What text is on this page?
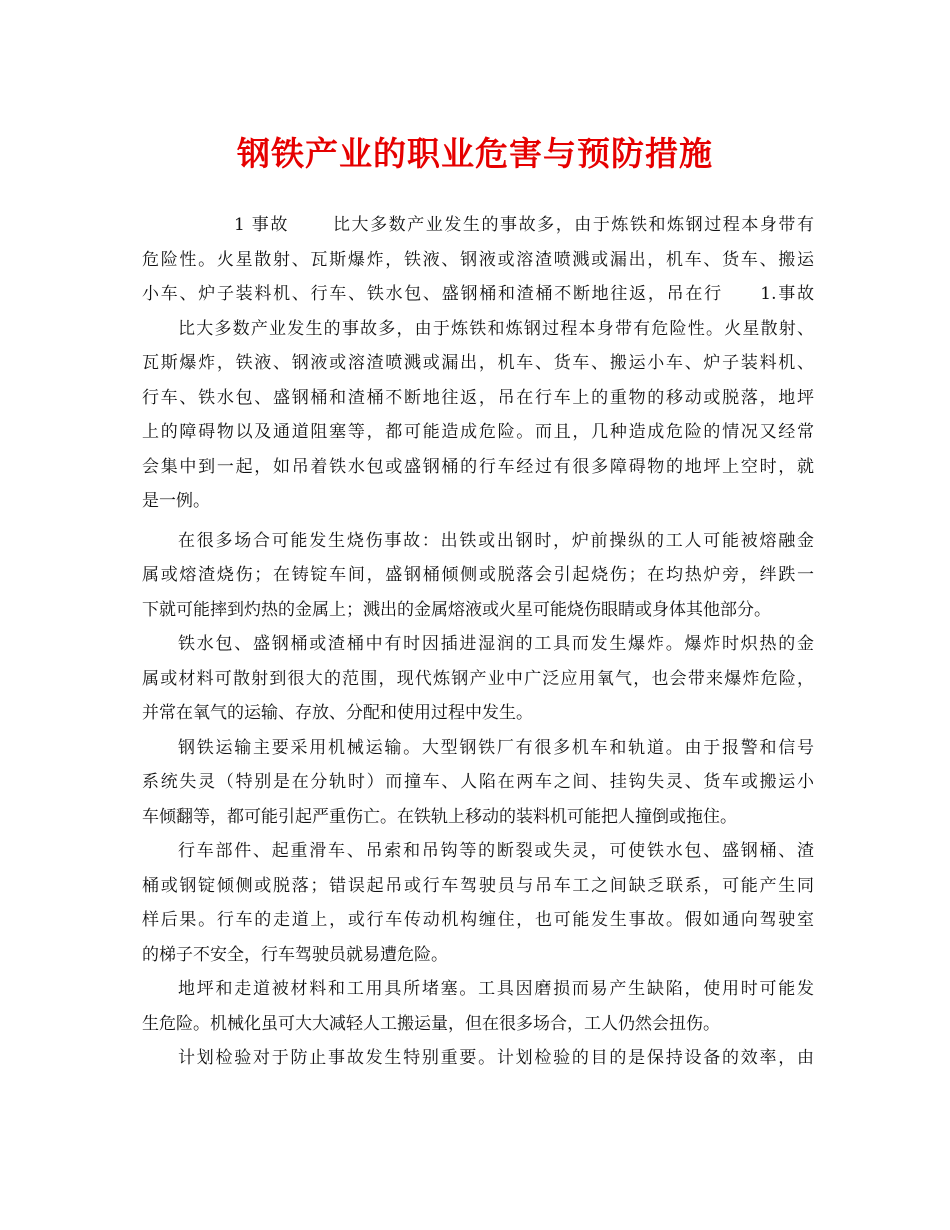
钢铁产业的职业危害与预防措施
1 事故　　 比大多数产业发生的事故多，由于炼铁和炼钢过程本身带有
危险性。火星散射、瓦斯爆炸，铁液、钢液或溶渣喷溅或漏出，机车、货车、搬运
小车、炉子装料机、行车、铁水包、盛钢桶和渣桶不断地往返，吊在行　　1.事故
比大多数产业发生的事故多，由于炼铁和炼钢过程本身带有危险性。火星散射、
瓦斯爆炸，铁液、钢液或溶渣喷溅或漏出，机车、货车、搬运小车、炉子装料机、
行车、铁水包、盛钢桶和渣桶不断地往返，吊在行车上的重物的移动或脱落，地坪
上的障碍物以及通道阻塞等，都可能造成危险。而且，几种造成危险的情况又经常
会集中到一起，如吊着铁水包或盛钢桶的行车经过有很多障碍物的地坪上空时，就
是一例。
在很多场合可能发生烧伤事故：出铁或出钢时，炉前操纵的工人可能被熔融金
属或熔渣烧伤；在铸锭车间，盛钢桶倾侧或脱落会引起烧伤；在均热炉旁，绊跌一
下就可能摔到灼热的金属上；溅出的金属熔液或火星可能烧伤眼睛或身体其他部分。
铁水包、盛钢桶或渣桶中有时因插进湿润的工具而发生爆炸。爆炸时炽热的金
属或材料可散射到很大的范围，现代炼钢产业中广泛应用氧气，也会带来爆炸危险，
并常在氧气的运输、存放、分配和使用过程中发生。
钢铁运输主要采用机械运输。大型钢铁厂有很多机车和轨道。由于报警和信号
系统失灵（特别是在分轨时）而撞车、人陷在两车之间、挂钩失灵、货车或搬运小
车倾翻等，都可能引起严重伤亡。在铁轨上移动的装料机可能把人撞倒或拖住。
行车部件、起重滑车、吊索和吊钩等的断裂或失灵，可使铁水包、盛钢桶、渣
桶或钢锭倾侧或脱落；错误起吊或行车驾驶员与吊车工之间缺乏联系，可能产生同
样后果。行车的走道上，或行车传动机构缠住，也可能发生事故。假如通向驾驶室
的梯子不安全，行车驾驶员就易遭危险。
地坪和走道被材料和工用具所堵塞。工具因磨损而易产生缺陷，使用时可能发
生危险。机械化虽可大大减轻人工搬运量，但在很多场合，工人仍然会扭伤。
计划检验对于防止事故发生特别重要。计划检验的目的是保持设备的效率，由
